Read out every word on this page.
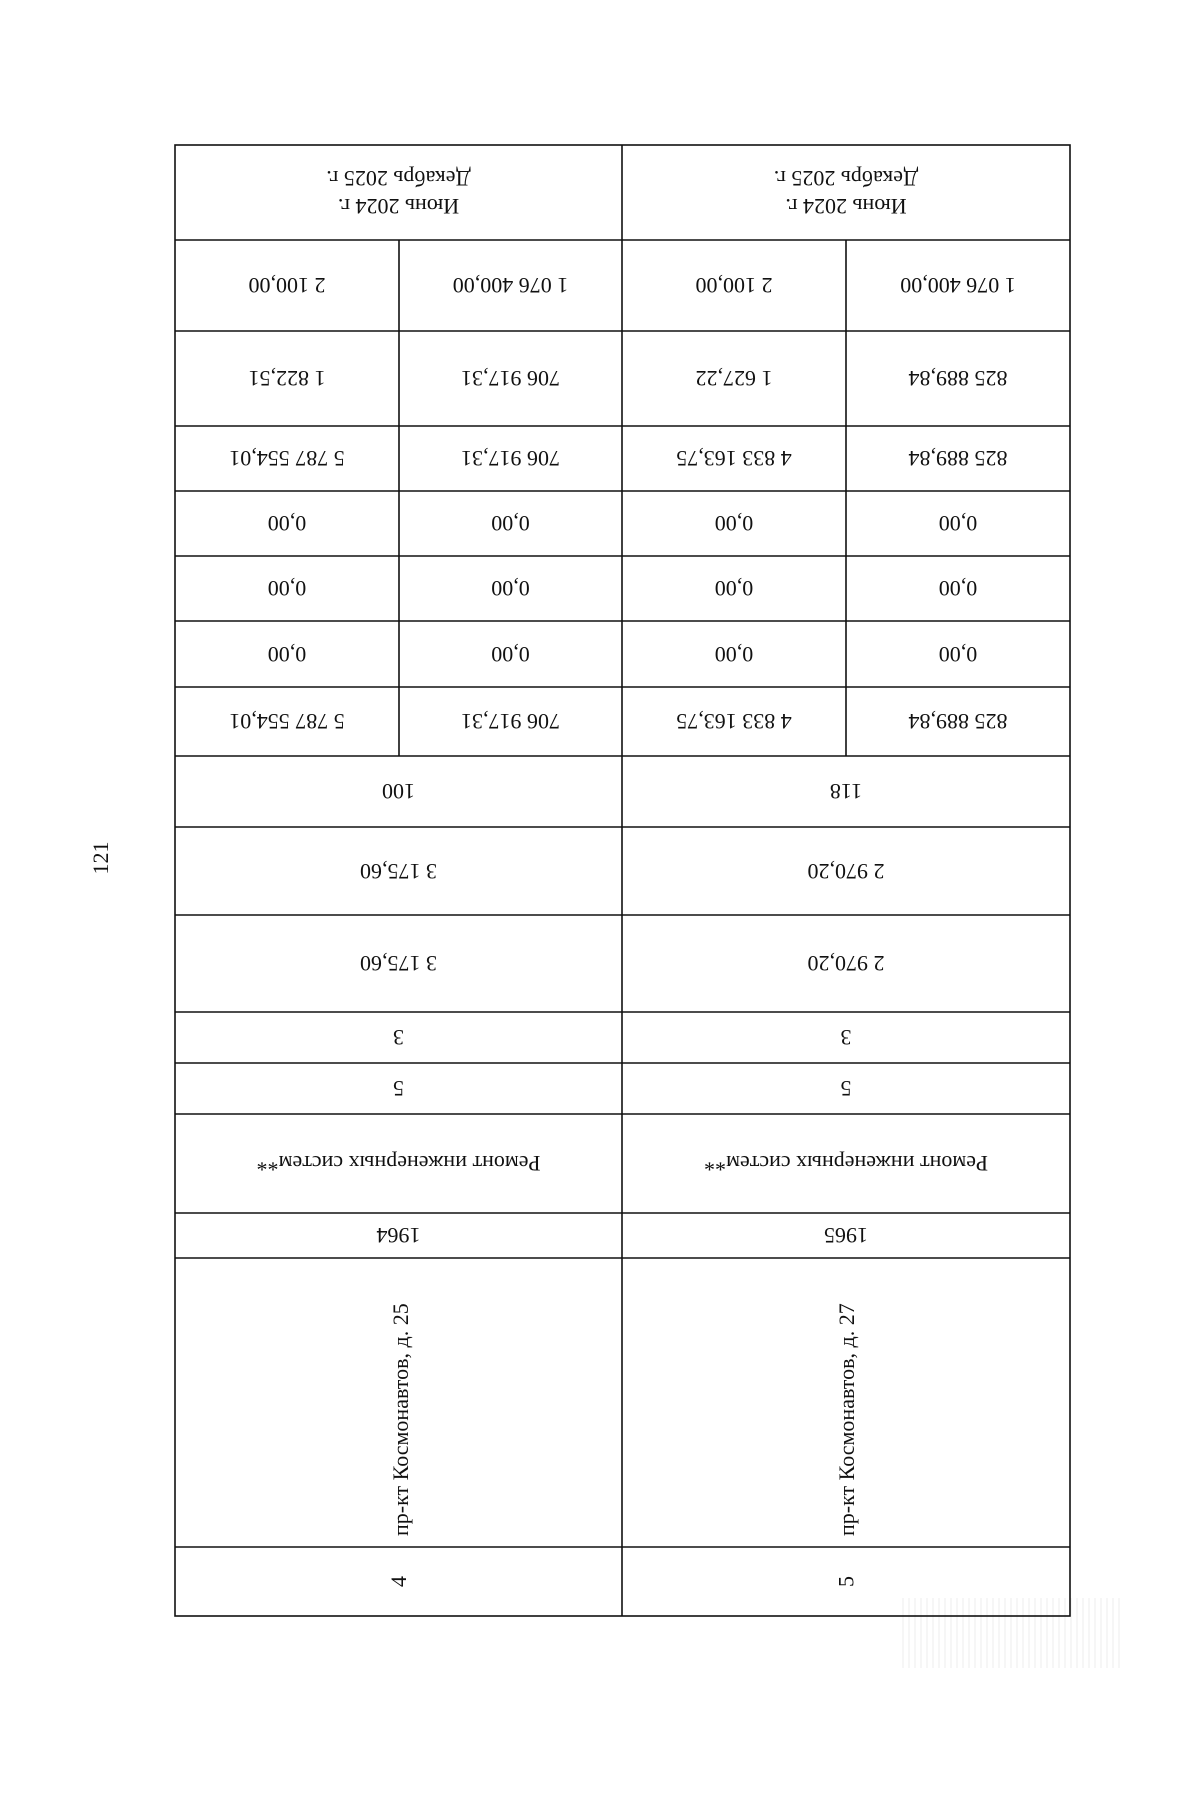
121
Июнь 2024 г.
Декабрь 2025 г.
2 100,00	1 076 400,00
1 822,51	706 917,31
5 787 554,01	706 917,31
0,00	0,00
0,00	0,00
0,00	0,00
5 787 554,01	706 917,31
100
3 175,60
3 175,60
3
5
Ремонт инженерных систем**
1964
пр-кт Космонавтов, д. 25
4
Июнь 2024 г.
Декабрь 2025 г.
2 100,00	1 076 400,00
1 627,22	825 889,84
4 833 163,75	825 889,84
0,00	0,00
0,00	0,00
0,00	0,00
4 833 163,75	825 889,84
118
2 970,20
2 970,20
3
5
Ремонт инженерных систем**
1965
пр-кт Космонавтов, д. 27
5
